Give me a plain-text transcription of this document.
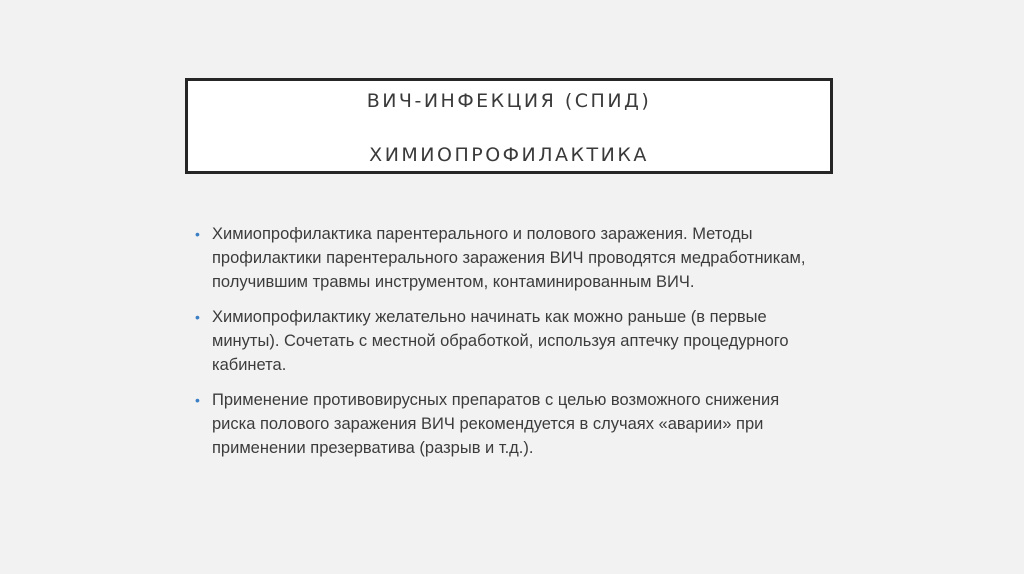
ВИЧ-ИНФЕКЦИЯ (СПИД)
ХИМИОПРОФИЛАКТИКА
• Химиопрофилактика парентерального и полового заражения. Методы профилактики парентерального заражения ВИЧ проводятся медработникам, получившим травмы инструментом, контаминированным ВИЧ.
• Химиопрофилактику желательно начинать как можно раньше (в первые минуты). Сочетать с местной обработкой, используя аптечку процедурного кабинета.
• Применение противовирусных препаратов с целью возможного снижения риска полового заражения ВИЧ рекомендуется в случаях «аварии» при применении презерватива (разрыв и т.д.).
